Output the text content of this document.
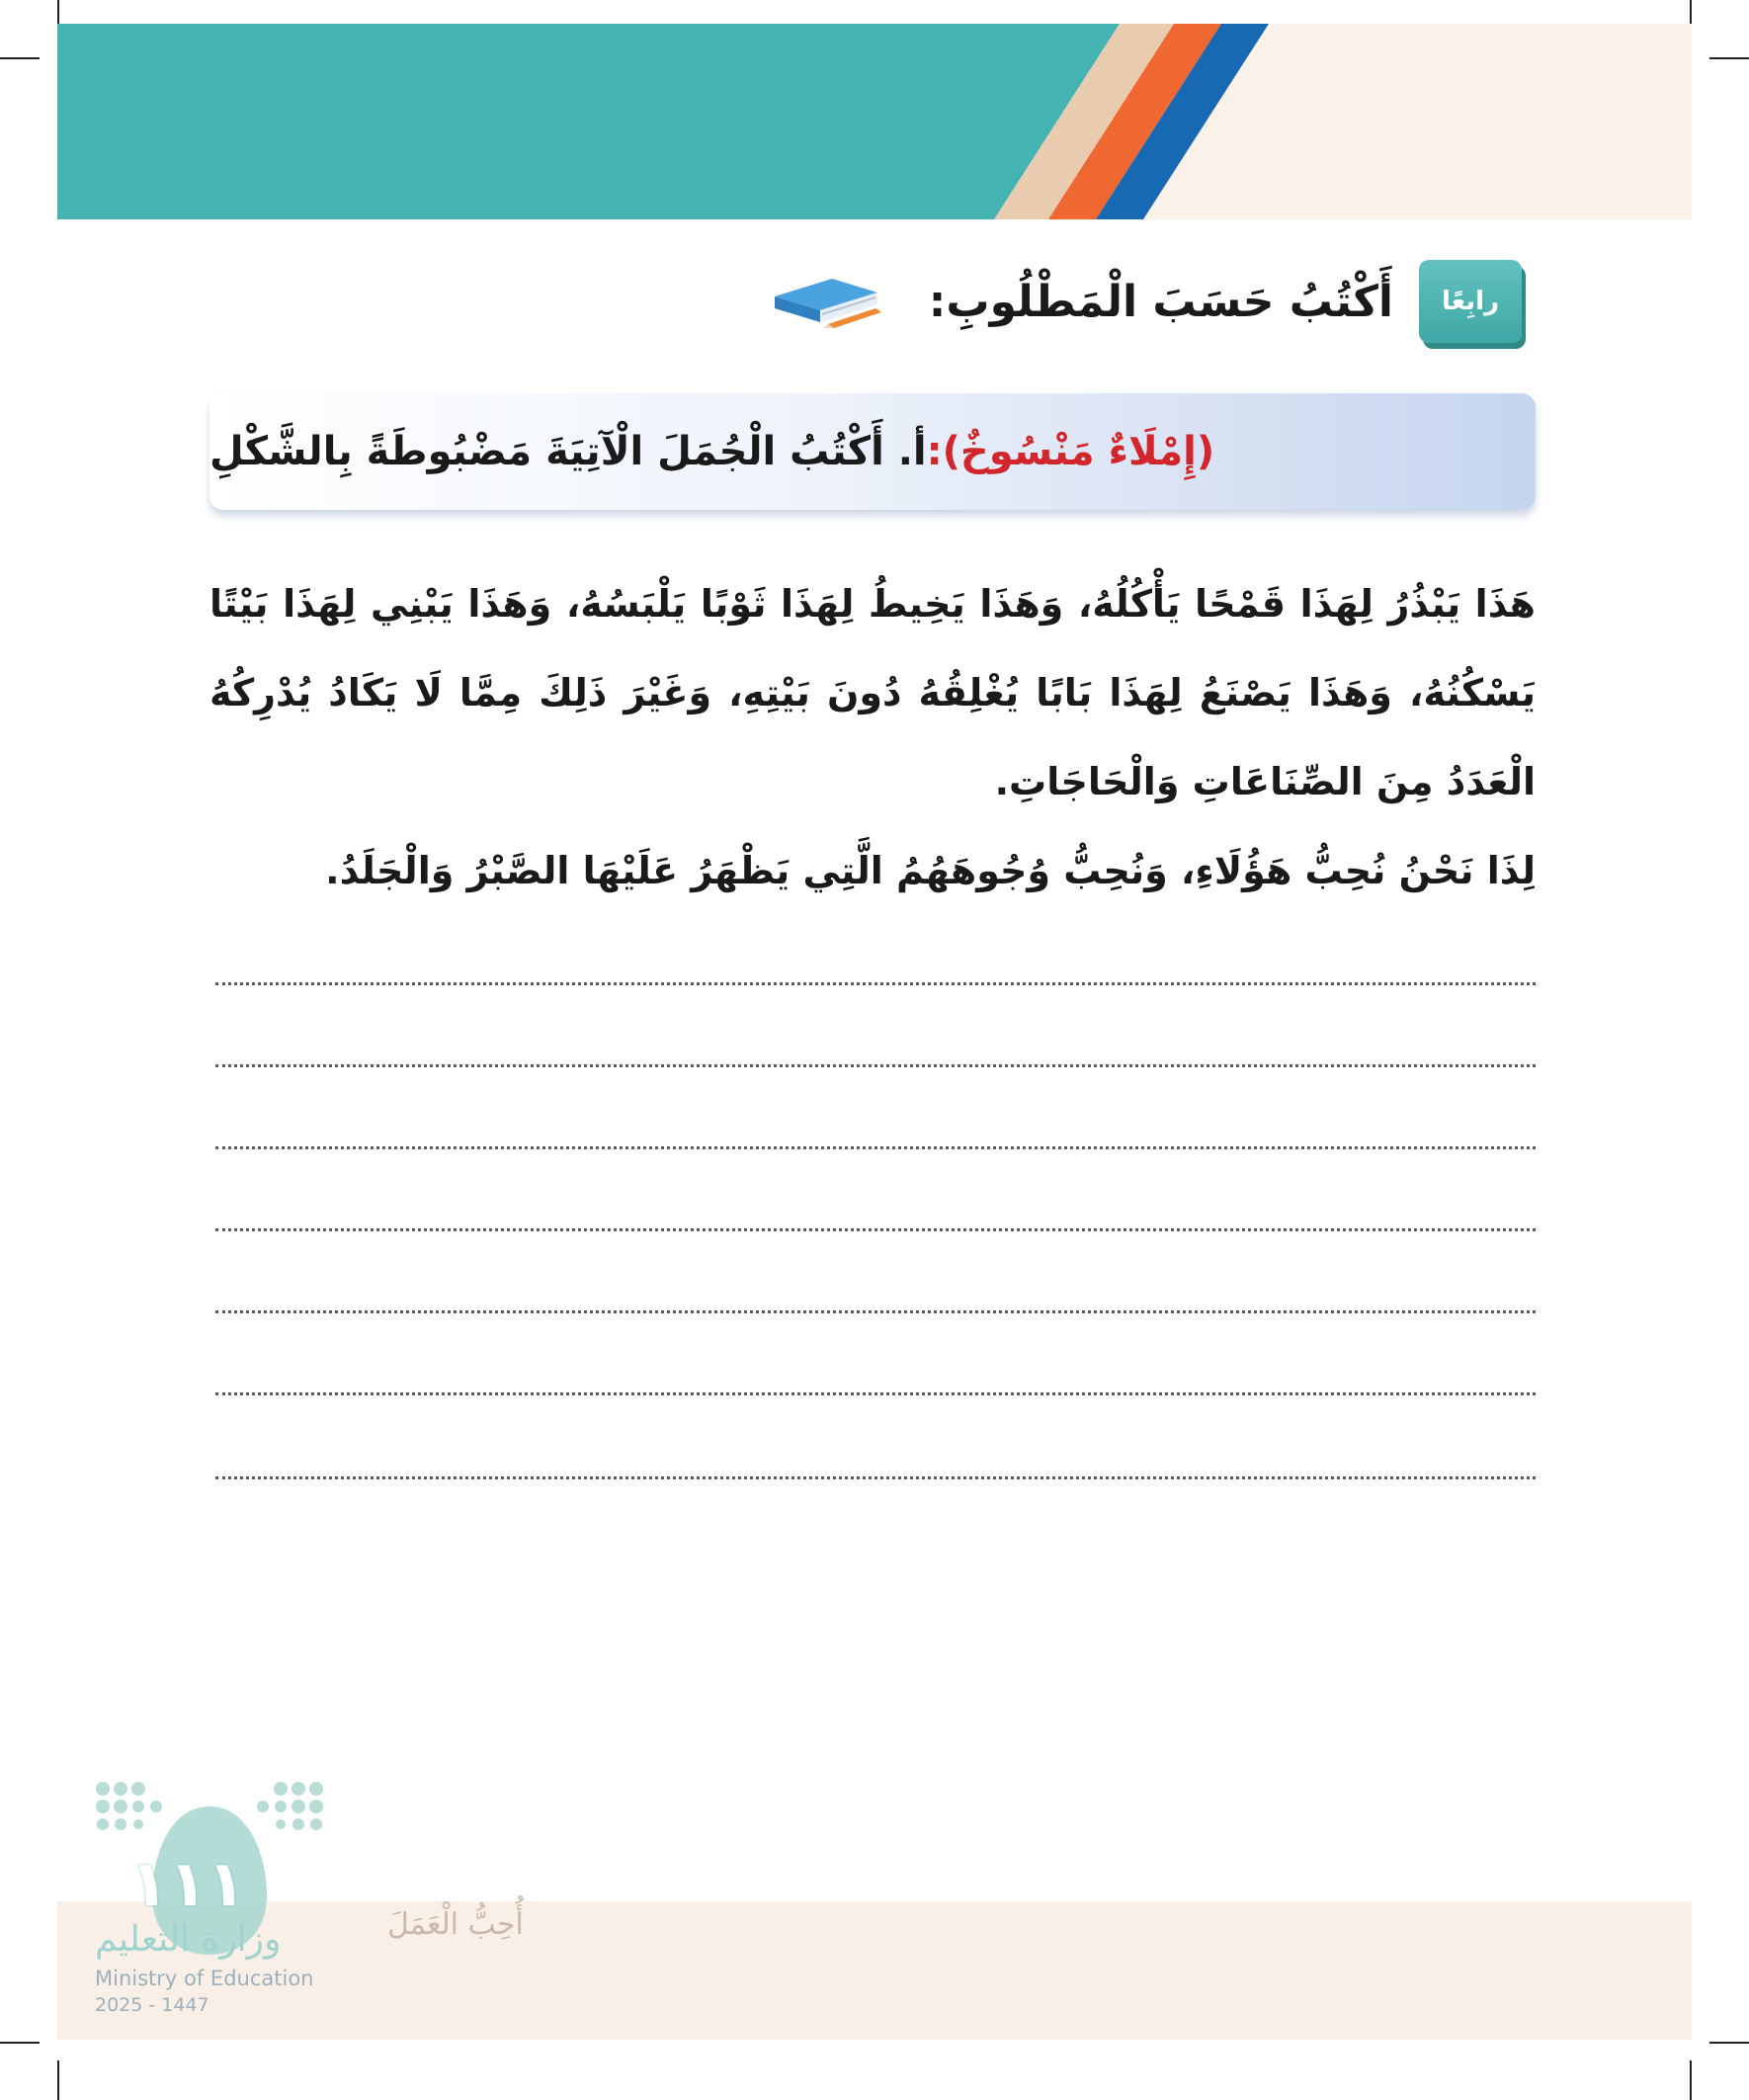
رابِعًا
أَكْتُبُ حَسَبَ الْمَطْلُوبِ:
أ. أَكْتُبُ الْجُمَلَ الْآتِيَةَ مَضْبُوطَةً بِالشَّكْلِ (إِمْلَاءٌ مَنْسُوخٌ):

هَذَا يَبْذُرُ لِهَذَا قَمْحًا يَأْكُلُهُ، وَهَذَا يَخِيطُ لِهَذَا ثَوْبًا يَلْبَسُهُ، وَهَذَا يَبْنِي لِهَذَا بَيْتًا يَسْكُنُهُ، وَهَذَا يَصْنَعُ لِهَذَا بَابًا يُغْلِقُهُ دُونَ بَيْتِهِ، وَغَيْرَ ذَلِكَ مِمَّا لَا يَكَادُ يُدْرِكُهُ الْعَدَدُ مِنَ الصِّنَاعَاتِ وَالْحَاجَاتِ.

لِذَا نَحْنُ نُحِبُّ هَؤُلَاءِ، وَنُحِبُّ وُجُوهَهُمُ الَّتِي يَظْهَرُ عَلَيْهَا الصَّبْرُ وَالْجَلَدُ.

أُحِبُّ الْعَمَلَ
١١١
وزارة التعليم
Ministry of Education
2025 - 1447
